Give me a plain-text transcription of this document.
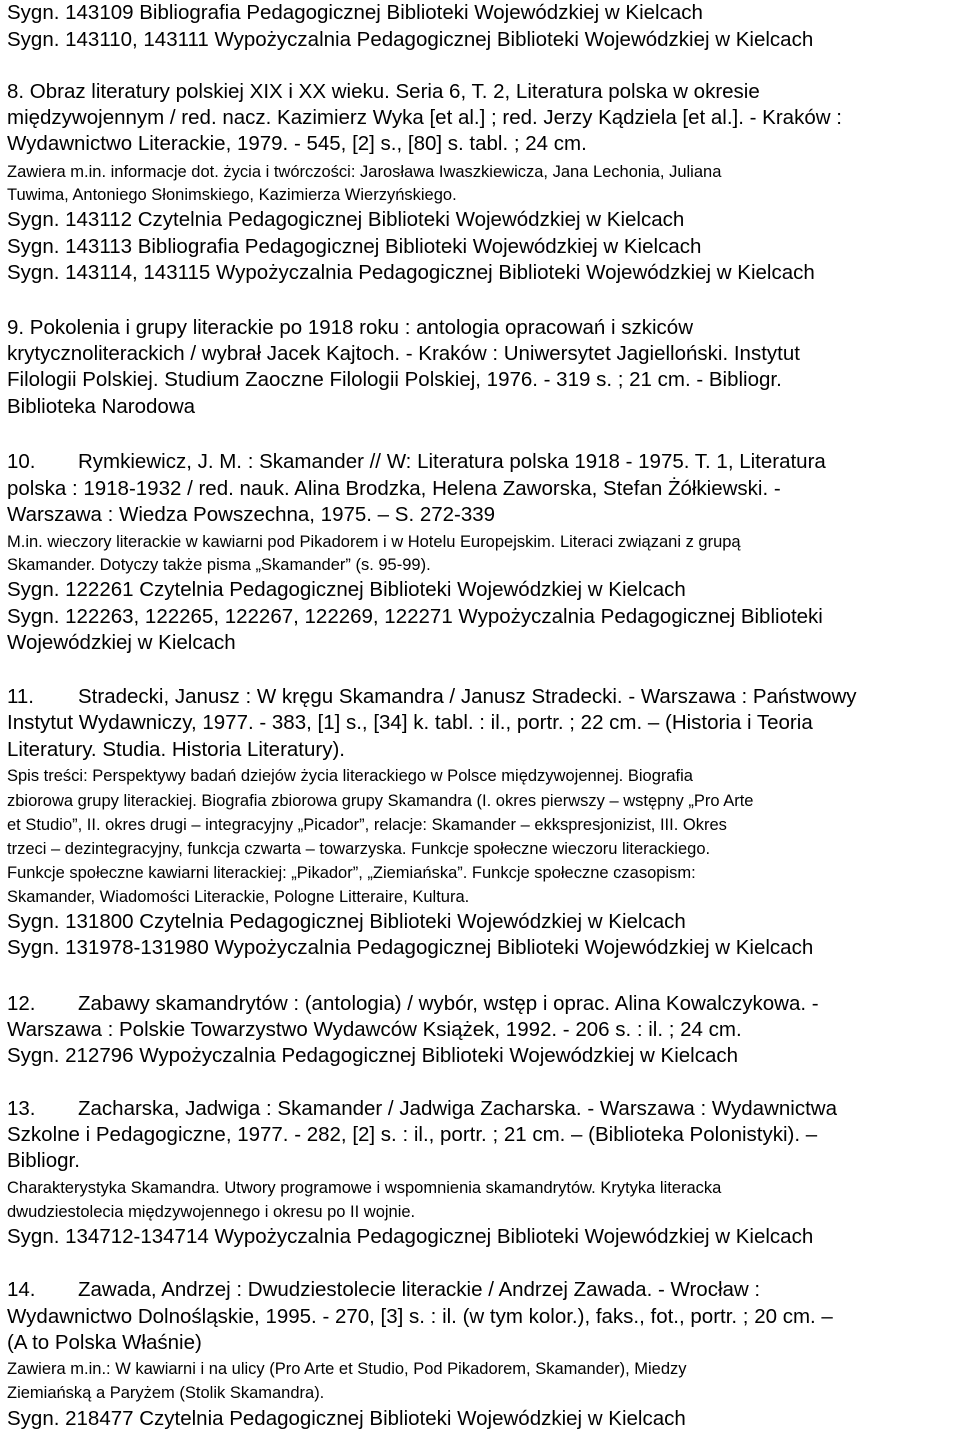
Sygn. 143109 Bibliografia Pedagogicznej Biblioteki Wojewódzkiej w Kielcach
Sygn. 143110, 143111 Wypożyczalnia Pedagogicznej Biblioteki Wojewódzkiej w Kielcach
8. Obraz literatury polskiej XIX i XX wieku. Seria 6, T. 2, Literatura polska w okresie
międzywojennym / red. nacz. Kazimierz Wyka [et al.] ; red. Jerzy Kądziela [et al.]. - Kraków :
Wydawnictwo Literackie, 1979. - 545, [2] s., [80] s. tabl. ; 24 cm.
Zawiera m.in. informacje dot. życia i twórczości: Jarosława Iwaszkiewicza, Jana Lechonia, Juliana
Tuwima, Antoniego Słonimskiego, Kazimierza Wierzyńskiego.
Sygn. 143112 Czytelnia Pedagogicznej Biblioteki Wojewódzkiej w Kielcach
Sygn. 143113 Bibliografia Pedagogicznej Biblioteki Wojewódzkiej w Kielcach
Sygn. 143114, 143115 Wypożyczalnia Pedagogicznej Biblioteki Wojewódzkiej w Kielcach
9. Pokolenia i grupy literackie po 1918 roku : antologia opracowań i szkiców
krytycznoliterackich / wybrał Jacek Kajtoch. - Kraków : Uniwersytet Jagielloński. Instytut
Filologii Polskiej. Studium Zaoczne Filologii Polskiej, 1976. - 319 s. ; 21 cm. - Bibliogr.
Biblioteka Narodowa
10. Rymkiewicz, J. M. : Skamander // W: Literatura polska 1918 - 1975. T. 1, Literatura
polska : 1918-1932 / red. nauk. Alina Brodzka, Helena Zaworska, Stefan Żółkiewski. -
Warszawa : Wiedza Powszechna, 1975. – S. 272-339
M.in. wieczory literackie w kawiarni pod Pikadorem i w Hotelu Europejskim. Literaci związani z grupą
Skamander. Dotyczy także pisma „Skamander” (s. 95-99).
Sygn. 122261 Czytelnia Pedagogicznej Biblioteki Wojewódzkiej w Kielcach
Sygn. 122263, 122265, 122267, 122269, 122271 Wypożyczalnia Pedagogicznej Biblioteki
Wojewódzkiej w Kielcach
11. Stradecki, Janusz : W kręgu Skamandra / Janusz Stradecki. - Warszawa : Państwowy
Instytut Wydawniczy, 1977. - 383, [1] s., [34] k. tabl. : il., portr. ; 22 cm. – (Historia i Teoria
Literatury. Studia. Historia Literatury).
Spis treści: Perspektywy badań dziejów życia literackiego w Polsce międzywojennej. Biografia
zbiorowa grupy literackiej. Biografia zbiorowa grupy Skamandra (I. okres pierwszy – wstępny „Pro Arte
et Studio”, II. okres drugi – integracyjny „Picador”, relacje: Skamander – ekkspresjonizist, III. Okres
trzeci – dezintegracyjny, funkcja czwarta – towarzyska. Funkcje społeczne wieczoru literackiego.
Funkcje społeczne kawiarni literackiej: „Pikador”, „Ziemiańska”. Funkcje społeczne czasopism:
Skamander, Wiadomości Literackie, Pologne Litteraire, Kultura.
Sygn. 131800 Czytelnia Pedagogicznej Biblioteki Wojewódzkiej w Kielcach
Sygn. 131978-131980 Wypożyczalnia Pedagogicznej Biblioteki Wojewódzkiej w Kielcach
12. Zabawy skamandrytów : (antologia) / wybór, wstęp i oprac. Alina Kowalczykowa. -
Warszawa : Polskie Towarzystwo Wydawców Książek, 1992. - 206 s. : il. ; 24 cm.
Sygn. 212796 Wypożyczalnia Pedagogicznej Biblioteki Wojewódzkiej w Kielcach
13. Zacharska, Jadwiga : Skamander / Jadwiga Zacharska. - Warszawa : Wydawnictwa
Szkolne i Pedagogiczne, 1977. - 282, [2] s. : il., portr. ; 21 cm. – (Biblioteka Polonistyki). –
Bibliogr.
Charakterystyka Skamandra. Utwory programowe i wspomnienia skamandrytów. Krytyka literacka
dwudziestolecia międzywojennego i okresu po II wojnie.
Sygn. 134712-134714 Wypożyczalnia Pedagogicznej Biblioteki Wojewódzkiej w Kielcach
14. Zawada, Andrzej : Dwudziestolecie literackie / Andrzej Zawada. - Wrocław :
Wydawnictwo Dolnośląskie, 1995. - 270, [3] s. : il. (w tym kolor.), faks., fot., portr. ; 20 cm. –
(A to Polska Właśnie)
Zawiera m.in.: W kawiarni i na ulicy (Pro Arte et Studio, Pod Pikadorem, Skamander), Miedzy
Ziemiańską a Paryżem (Stolik Skamandra).
Sygn. 218477 Czytelnia Pedagogicznej Biblioteki Wojewódzkiej w Kielcach
